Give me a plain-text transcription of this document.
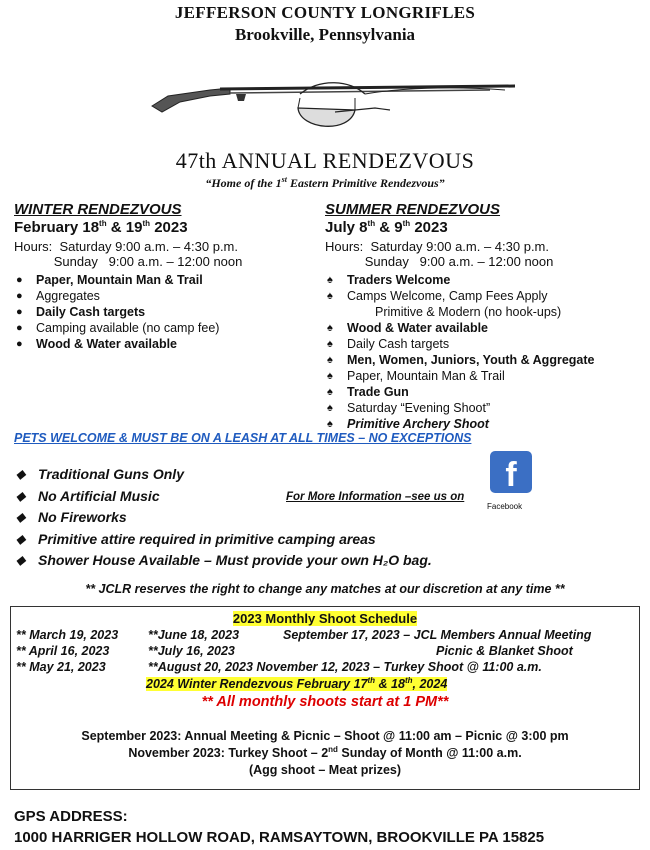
JEFFERSON COUNTY LONGRIFLES
Brookville, Pennsylvania
47th ANNUAL RENDEZVOUS
“Home of the 1st Eastern Primitive Rendezvous”
WINTER RENDEZVOUS
February 18th & 19th 2023
Hours:  Saturday 9:00 a.m. – 4:30 p.m.
Sunday   9:00 a.m. – 12:00 noon
● Paper, Mountain Man & Trail
● Aggregates
● Daily Cash targets
● Camping available (no camp fee)
● Wood & Water available
SUMMER RENDEZVOUS
July 8th & 9th 2023
Hours:  Saturday 9:00 a.m. – 4:30 p.m.
Sunday   9:00 a.m. – 12:00 noon
♠ Traders Welcome
♠ Camps Welcome, Camp Fees Apply
Primitive & Modern (no hook-ups)
♠ Wood & Water available
♠ Daily Cash targets
♠ Men, Women, Juniors, Youth & Aggregate
♠ Paper, Mountain Man & Trail
♠ Trade Gun
♠ Saturday “Evening Shoot”
♠ Primitive Archery Shoot
PETS WELCOME & MUST BE ON A LEASH AT ALL TIMES – NO EXCEPTIONS
◆ Traditional Guns Only
◆ No Artificial Music
◆ No Fireworks
◆ Primitive attire required in primitive camping areas
◆ Shower House Available – Must provide your own H₂O bag.
For More Information –see us on
f
Facebook
** JCLR reserves the right to change any matches at our discretion at any time **
2023 Monthly Shoot Schedule
** March 19, 2023 **June 18, 2023	September 17, 2023 – JCL Members Annual Meeting
** April 16, 2023	**July 16, 2023	Picnic & Blanket Shoot
** May 21, 2023	**August 20, 2023 November 12, 2023 – Turkey Shoot @ 11:00 a.m.
2024 Winter Rendezvous February 17th & 18th, 2024
** All monthly shoots start at 1 PM**
September 2023: Annual Meeting & Picnic – Shoot @ 11:00 am – Picnic @ 3:00 pm
November 2023: Turkey Shoot – 2nd Sunday of Month @ 11:00 a.m.
(Agg shoot – Meat prizes)
GPS ADDRESS:
1000 HARRIGER HOLLOW ROAD, RAMSAYTOWN, BROOKVILLE PA 15825
